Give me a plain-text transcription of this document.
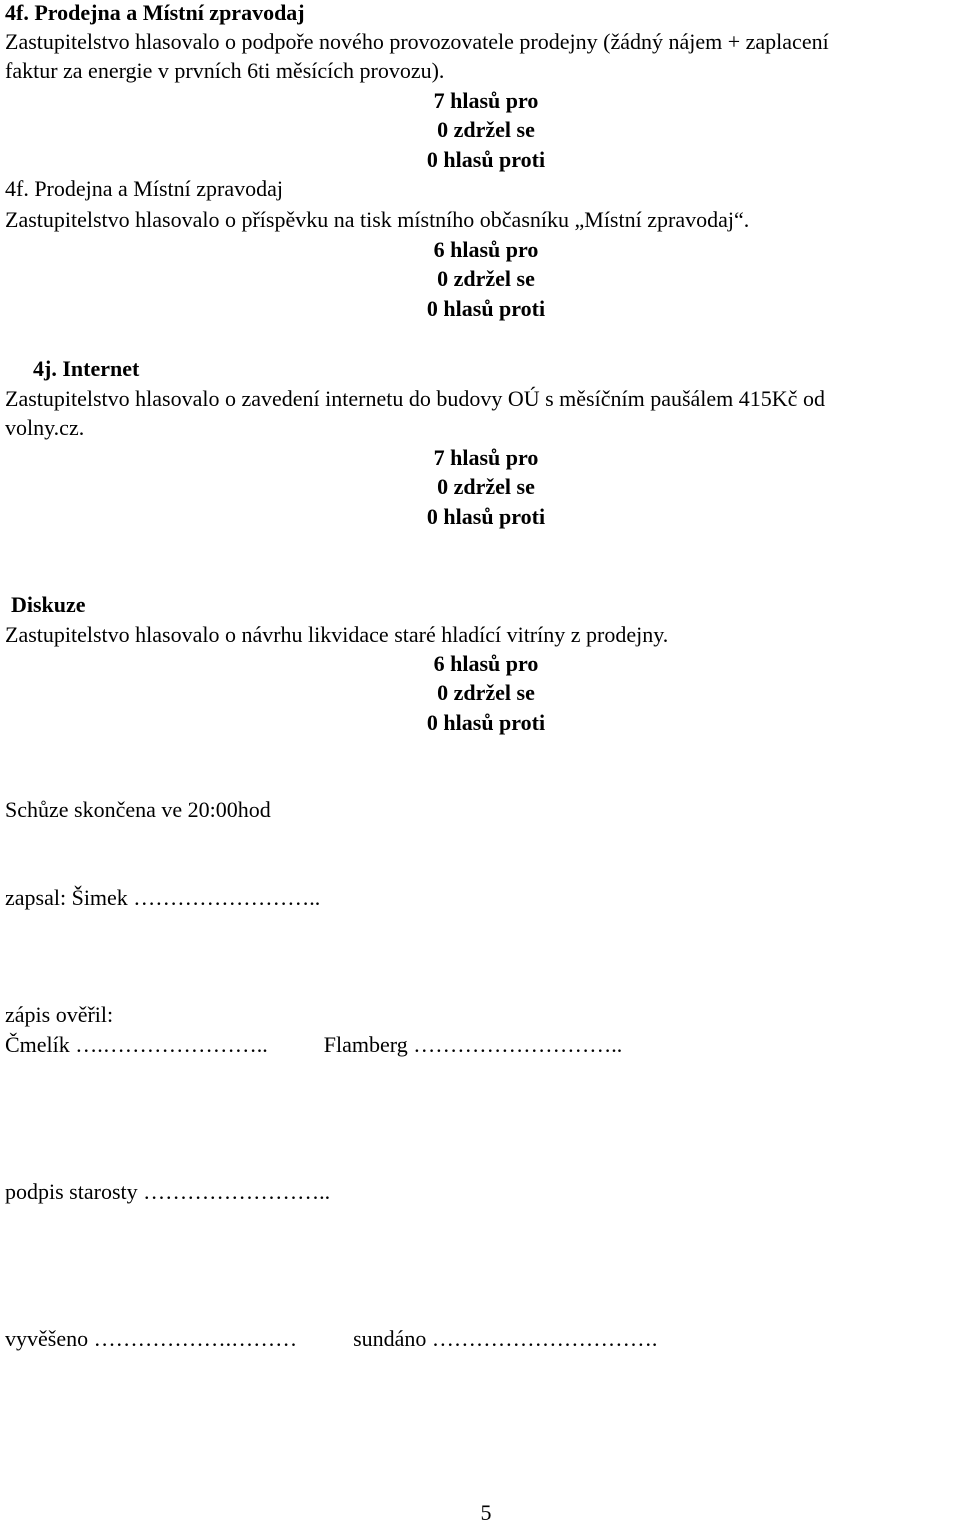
4f. Prodejna a Místní zpravodaj
Zastupitelstvo hlasovalo o podpoře nového provozovatele prodejny (žádný nájem + zaplacení
faktur za energie v prvních 6ti měsících provozu).
7 hlasů pro
0 zdržel se
0 hlasů proti
4f. Prodejna a Místní zpravodaj
Zastupitelstvo hlasovalo o příspěvku na tisk místního občasníku „Místní zpravodaj“.
6 hlasů pro
0 zdržel se
0 hlasů proti
4j. Internet
Zastupitelstvo hlasovalo o zavedení internetu do budovy OÚ s měsíčním paušálem 415Kč od
volny.cz.
7 hlasů pro
0 zdržel se
0 hlasů proti
Diskuze
Zastupitelstvo hlasovalo o návrhu likvidace staré hladící vitríny z prodejny.
6 hlasů pro
0 zdržel se
0 hlasů proti
Schůze skončena ve 20:00hod
zapsal: Šimek ……………………..
zápis ověřil:
Čmelík ….…………………..	Flamberg ………………………..
podpis starosty ……………………..
vyvěšeno ……………….………	sundáno ………………………….
5
